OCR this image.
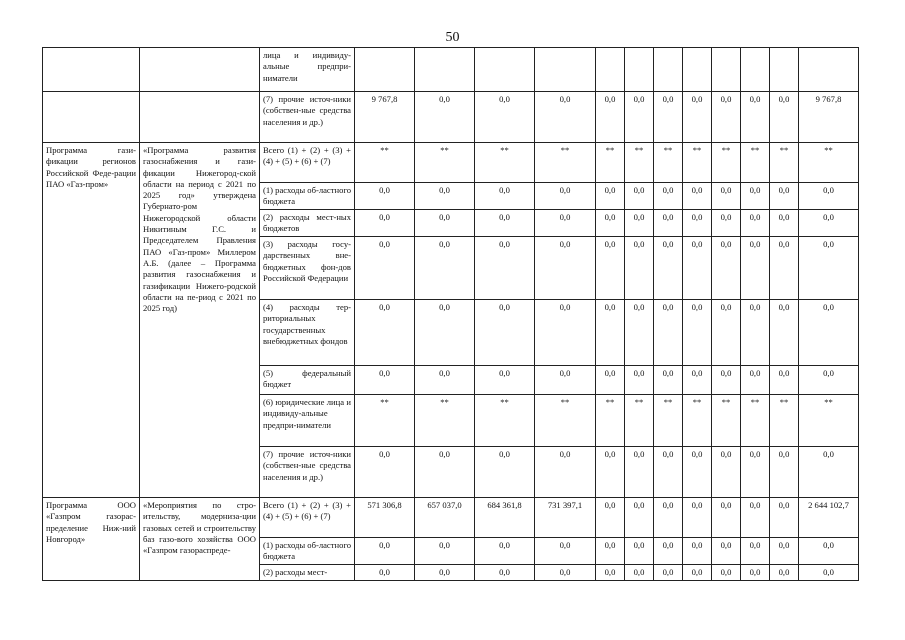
50
		лица и индивиду-альные предпри-ниматели												
		(7) прочие источ-ники (собствен-ные средства населения и др.)	9 767,8	0,0	0,0	0,0	0,0	0,0	0,0	0,0	0,0	0,0	0,0	9 767,8
Программа гази-фикации регионов Российской Феде-рации ПАО «Газ-пром»	«Программа развития газоснабжения и гази-фикации Нижегород-ской области на период с 2021 по 2025 год» утверждена Губернато-ром Нижегородской области Никитиным Г.С. и Председателем Правления ПАО «Газ-пром» Миллером А.Б. (далее – Программа развития газоснабжения и газификации Нижего-родской области на пе-риод с 2021 по 2025 год)	Всего (1) + (2) + (3) + (4) + (5) + (6) + (7)	**	**	**	**	**	**	**	**	**	**	**	**
		(1) расходы об-ластного бюджета	0,0	0,0	0,0	0,0	0,0	0,0	0,0	0,0	0,0	0,0	0,0	0,0
		(2) расходы мест-ных бюджетов	0,0	0,0	0,0	0,0	0,0	0,0	0,0	0,0	0,0	0,0	0,0	0,0
		(3) расходы госу-дарственных вне-бюджетных фон-дов Российской Федерации	0,0	0,0	0,0	0,0	0,0	0,0	0,0	0,0	0,0	0,0	0,0	0,0
		(4) расходы тер-риториальных государственных внебюджетных фондов	0,0	0,0	0,0	0,0	0,0	0,0	0,0	0,0	0,0	0,0	0,0	0,0
		(5) федеральный бюджет	0,0	0,0	0,0	0,0	0,0	0,0	0,0	0,0	0,0	0,0	0,0	0,0
		(6) юридические лица и индивиду-альные предпри-ниматели	**	**	**	**	**	**	**	**	**	**	**	**
		(7) прочие источ-ники (собствен-ные средства населения и др.)	0,0	0,0	0,0	0,0	0,0	0,0	0,0	0,0	0,0	0,0	0,0	0,0
Программа ООО «Газпром газорас-пределение Ниж-ний Новгород»	«Мероприятия по стро-ительству, модерниза-ции газовых сетей и строительству баз газо-вого хозяйства ООО «Газпром газораспреде-	Всего (1) + (2) + (3) + (4) + (5) + (6) + (7)	571 306,8	657 037,0	684 361,8	731 397,1	0,0	0,0	0,0	0,0	0,0	0,0	0,0	2 644 102,7
		(1) расходы об-ластного бюджета	0,0	0,0	0,0	0,0	0,0	0,0	0,0	0,0	0,0	0,0	0,0	0,0
		(2) расходы мест-	0,0	0,0	0,0	0,0	0,0	0,0	0,0	0,0	0,0	0,0	0,0	0,0
